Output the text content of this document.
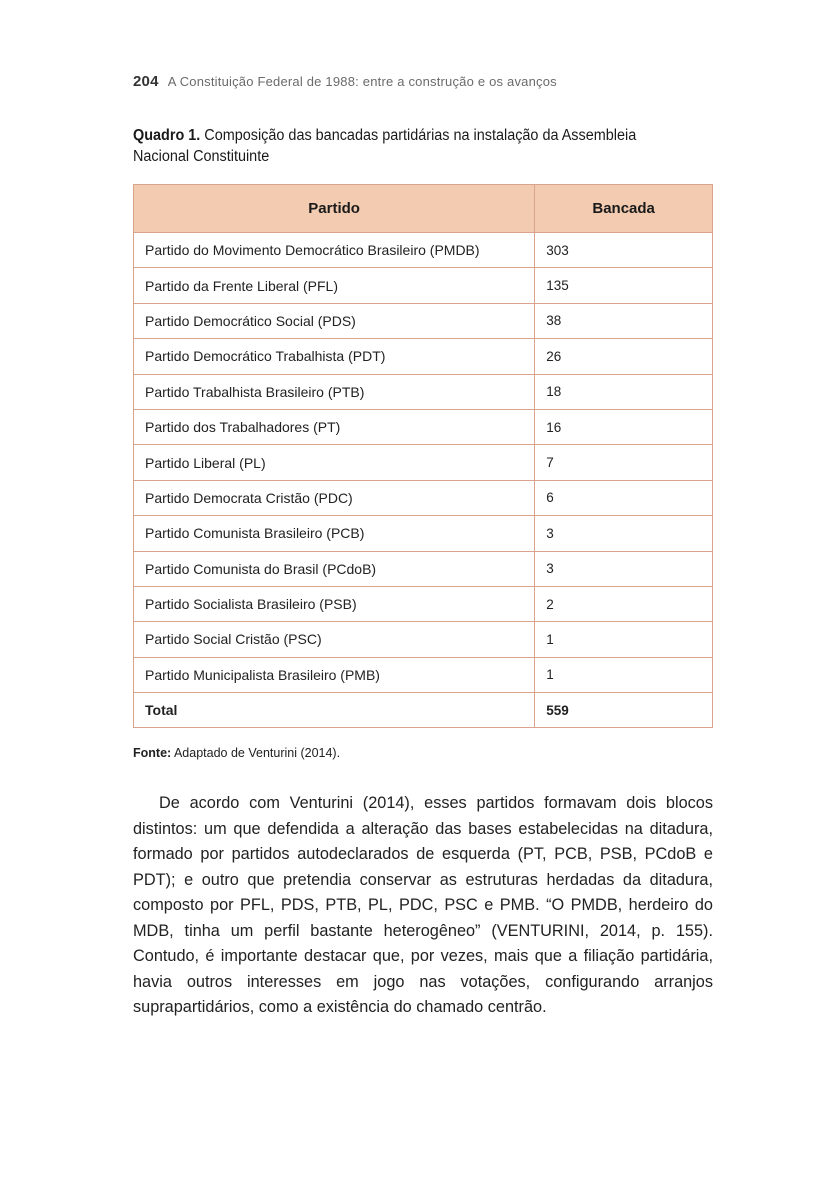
204 A Constituição Federal de 1988: entre a construção e os avanços
Quadro 1. Composição das bancadas partidárias na instalação da Assembleia Nacional Constituinte
Partido	Bancada
Partido do Movimento Democrático Brasileiro (PMDB)	303
Partido da Frente Liberal (PFL)	135
Partido Democrático Social (PDS)	38
Partido Democrático Trabalhista (PDT)	26
Partido Trabalhista Brasileiro (PTB)	18
Partido dos Trabalhadores (PT)	16
Partido Liberal (PL)	7
Partido Democrata Cristão (PDC)	6
Partido Comunista Brasileiro (PCB)	3
Partido Comunista do Brasil (PCdoB)	3
Partido Socialista Brasileiro (PSB)	2
Partido Social Cristão (PSC)	1
Partido Municipalista Brasileiro (PMB)	1
Total	559
Fonte: Adaptado de Venturini (2014).

De acordo com Venturini (2014), esses partidos formavam dois blocos distintos: um que defendida a alteração das bases estabelecidas na ditadura, formado por partidos autodeclarados de esquerda (PT, PCB, PSB, PCdoB e PDT); e outro que pretendia conservar as estruturas herdadas da ditadura, composto por PFL, PDS, PTB, PL, PDC, PSC e PMB. “O PMDB, herdeiro do MDB, tinha um perfil bastante heterogêneo” (VENTURINI, 2014, p. 155). Contudo, é importante destacar que, por vezes, mais que a filiação partidária, havia outros interesses em jogo nas votações, configurando arranjos suprapartidários, como a existência do chamado centrão.
